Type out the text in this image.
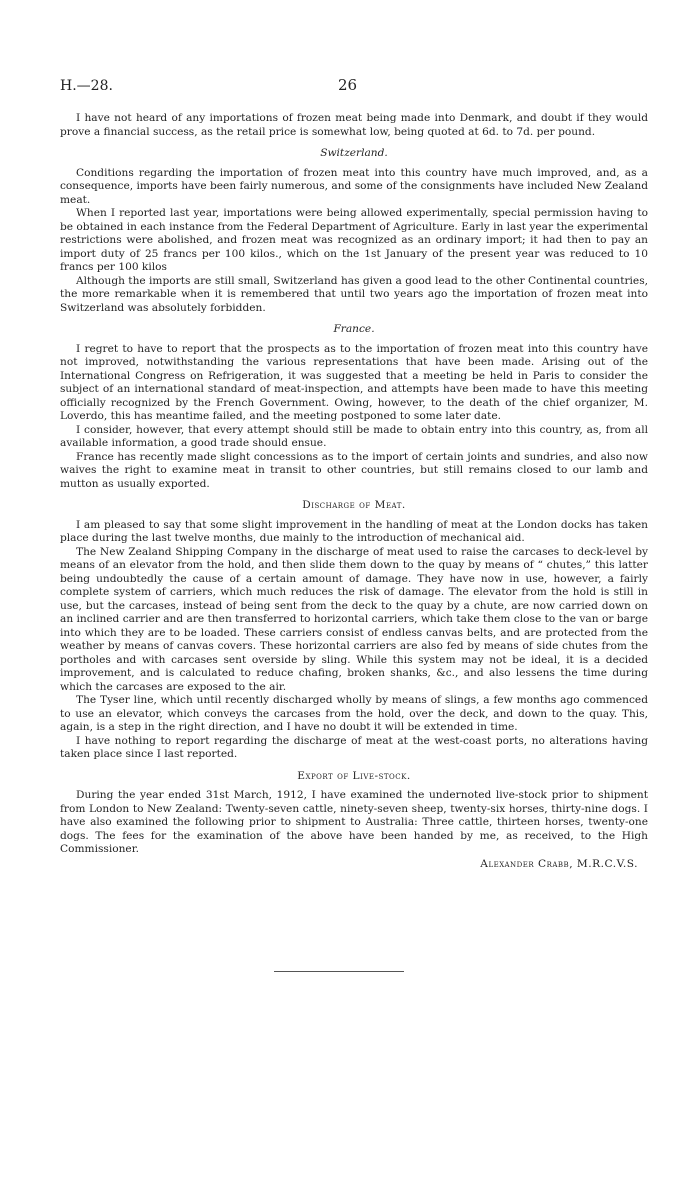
H.—28.	26

I have not heard of any importations of frozen meat being made into Denmark, and doubt if they would prove a financial success, as the retail price is somewhat low, being quoted at 6d. to 7d. per pound.

Switzerland.

Conditions regarding the importation of frozen meat into this country have much improved, and, as a consequence, imports have been fairly numerous, and some of the consignments have included New Zealand meat.

When I reported last year, importations were being allowed experimentally, special permission having to be obtained in each instance from the Federal Department of Agriculture. Early in last year the experimental restrictions were abolished, and frozen meat was recognized as an ordinary import; it had then to pay an import duty of 25 francs per 100 kilos., which on the 1st January of the present year was reduced to 10 francs per 100 kilos

Although the imports are still small, Switzerland has given a good lead to the other Continental countries, the more remarkable when it is remembered that until two years ago the importation of frozen meat into Switzerland was absolutely forbidden.

France.

I regret to have to report that the prospects as to the importation of frozen meat into this country have not improved, notwithstanding the various representations that have been made. Arising out of the International Congress on Refrigeration, it was suggested that a meeting be held in Paris to consider the subject of an international standard of meat-inspection, and attempts have been made to have this meeting officially recognized by the French Government. Owing, however, to the death of the chief organizer, M. Loverdo, this has meantime failed, and the meeting postponed to some later date.

I consider, however, that every attempt should still be made to obtain entry into this country, as, from all available information, a good trade should ensue.

France has recently made slight concessions as to the import of certain joints and sundries, and also now waives the right to examine meat in transit to other countries, but still remains closed to our lamb and mutton as usually exported.

Discharge of Meat.

I am pleased to say that some slight improvement in the handling of meat at the London docks has taken place during the last twelve months, due mainly to the introduction of mechanical aid.

The New Zealand Shipping Company in the discharge of meat used to raise the carcases to deck-level by means of an elevator from the hold, and then slide them down to the quay by means of “ chutes,” this latter being undoubtedly the cause of a certain amount of damage. They have now in use, however, a fairly complete system of carriers, which much reduces the risk of damage. The elevator from the hold is still in use, but the carcases, instead of being sent from the deck to the quay by a chute, are now carried down on an inclined carrier and are then transferred to horizontal carriers, which take them close to the van or barge into which they are to be loaded. These carriers consist of endless canvas belts, and are protected from the weather by means of canvas covers. These horizontal carriers are also fed by means of side chutes from the portholes and with carcases sent overside by sling. While this system may not be ideal, it is a decided improvement, and is calculated to reduce chafing, broken shanks, &c., and also lessens the time during which the carcases are exposed to the air.

The Tyser line, which until recently discharged wholly by means of slings, a few months ago commenced to use an elevator, which conveys the carcases from the hold, over the deck, and down to the quay. This, again, is a step in the right direction, and I have no doubt it will be extended in time.

I have nothing to report regarding the discharge of meat at the west-coast ports, no alterations having taken place since I last reported.

Export of Live-stock.

During the year ended 31st March, 1912, I have examined the undernoted live-stock prior to shipment from London to New Zealand: Twenty-seven cattle, ninety-seven sheep, twenty-six horses, thirty-nine dogs. I have also examined the following prior to shipment to Australia: Three cattle, thirteen horses, twenty-one dogs. The fees for the examination of the above have been handed by me, as received, to the High Commissioner.

Alexander Crabb, M.R.C.V.S.
